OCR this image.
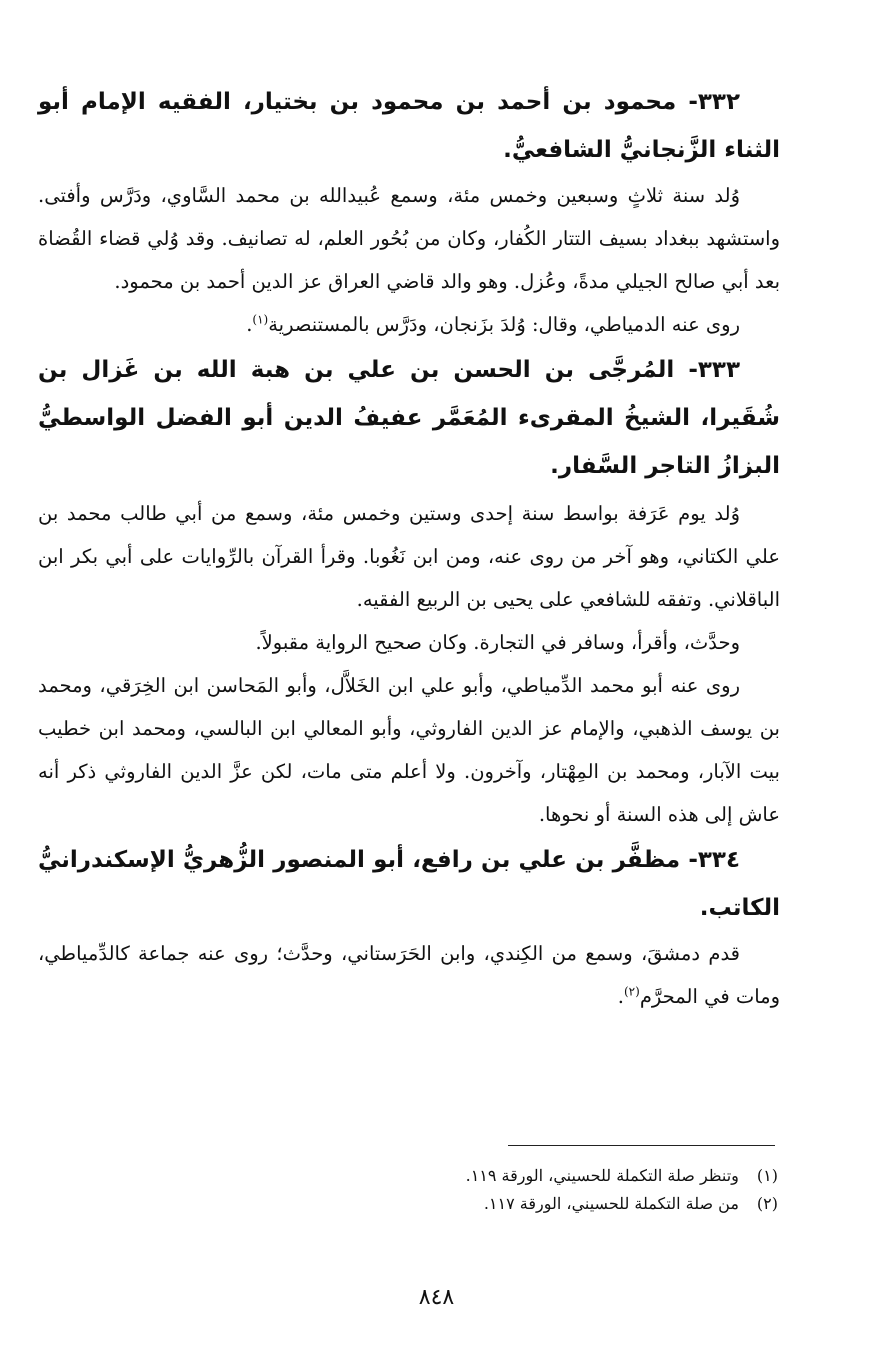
٣٣٢- محمود بن أحمد بن محمود بن بختيار، الفقيه الإمام أبو الثناء الزَّنجانيُّ الشافعيُّ.

وُلد سنة ثلاثٍ وسبعين وخمس مئة، وسمع عُبيدالله بن محمد السَّاوي، ودَرَّس وأفتى. واستشهد ببغداد بسيف التتار الكُفار، وكان من بُحُور العلم، له تصانيف. وقد وُلي قضاء القُضاة بعد أبي صالح الجيلي مدةً، وعُزل. وهو والد قاضي العراق عز الدين أحمد بن محمود.

روى عنه الدمياطي، وقال: وُلدَ بزَنجان، ودَرَّس بالمستنصرية$^{(١)}$.

٣٣٣- المُرجَّى بن الحسن بن علي بن هبة الله بن غَزال بن شُقَيرا، الشيخُ المقرىء المُعَمَّر عفيفُ الدين أبو الفضل الواسطيُّ البزازُ التاجر السَّفار.

وُلد يوم عَرَفة بواسط سنة إحدى وستين وخمس مئة، وسمع من أبي طالب محمد بن علي الكتاني، وهو آخر من روى عنه، ومن ابن نَغُوبا. وقرأ القرآن بالرِّوايات على أبي بكر ابن الباقلاني. وتفقه للشافعي على يحيى بن الربيع الفقيه.

وحدَّث، وأقرأ، وسافر في التجارة. وكان صحيح الرواية مقبولاً.

روى عنه أبو محمد الدِّمياطي، وأبو علي ابن الخَلاَّل، وأبو المَحاسن ابن الخِرَقي، ومحمد بن يوسف الذهبي، والإمام عز الدين الفاروثي، وأبو المعالي ابن البالسي، ومحمد ابن خطيب بيت الآبار، ومحمد بن المِهْتار، وآخرون. ولا أعلم متى مات، لكن عزَّ الدين الفاروثي ذكر أنه عاش إلى هذه السنة أو نحوها.

٣٣٤- مظفَّر بن علي بن رافع، أبو المنصور الزُّهريُّ الإسكندرانيُّ الكاتب.

قدم دمشقَ، وسمع من الكِندي، وابن الحَرَستاني، وحدَّث؛ روى عنه جماعة كالدِّمياطي، ومات في المحرَّم$^{(٢)}$.

(١) وتنظر صلة التكملة للحسيني، الورقة ١١٩.

(٢) من صلة التكملة للحسيني، الورقة ١١٧.

٨٤٨
